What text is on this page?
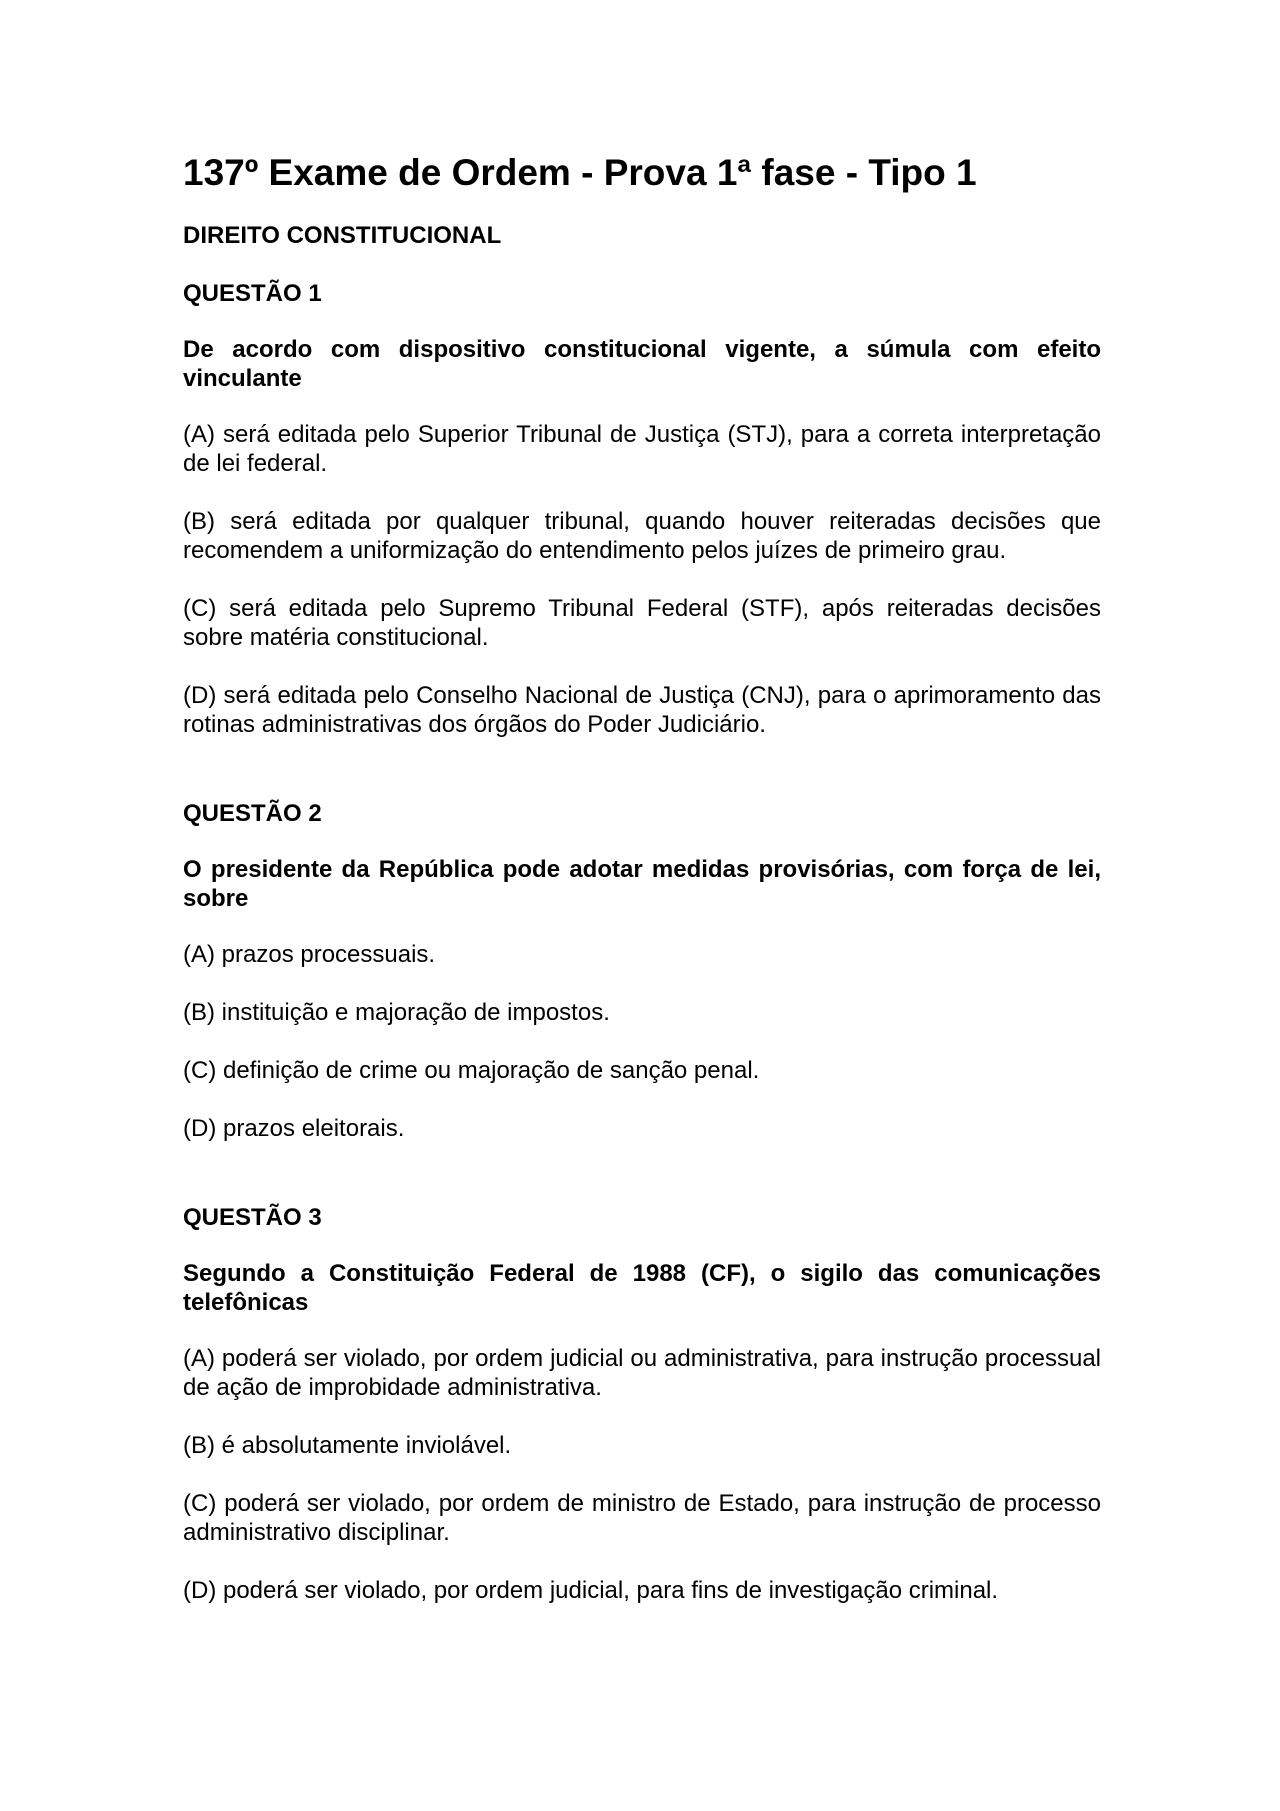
137º Exame de Ordem - Prova 1ª fase - Tipo 1
DIREITO CONSTITUCIONAL
QUESTÃO 1
De acordo com dispositivo constitucional vigente, a súmula com efeito vinculante
(A) será editada pelo Superior Tribunal de Justiça (STJ), para a correta interpretação de lei federal.
(B) será editada por qualquer tribunal, quando houver reiteradas decisões que recomendem a uniformização do entendimento pelos juízes de primeiro grau.
(C) será editada pelo Supremo Tribunal Federal (STF), após reiteradas decisões sobre matéria constitucional.
(D) será editada pelo Conselho Nacional de Justiça (CNJ), para o aprimoramento das rotinas administrativas dos órgãos do Poder Judiciário.
QUESTÃO 2
O presidente da República pode adotar medidas provisórias, com força de lei, sobre
(A) prazos processuais.
(B) instituição e majoração de impostos.
(C) definição de crime ou majoração de sanção penal.
(D) prazos eleitorais.
QUESTÃO 3
Segundo a Constituição Federal de 1988 (CF), o sigilo das comunicações telefônicas
(A) poderá ser violado, por ordem judicial ou administrativa, para instrução processual de ação de improbidade administrativa.
(B) é absolutamente inviolável.
(C) poderá ser violado, por ordem de ministro de Estado, para instrução de processo administrativo disciplinar.
(D) poderá ser violado, por ordem judicial, para fins de investigação criminal.
